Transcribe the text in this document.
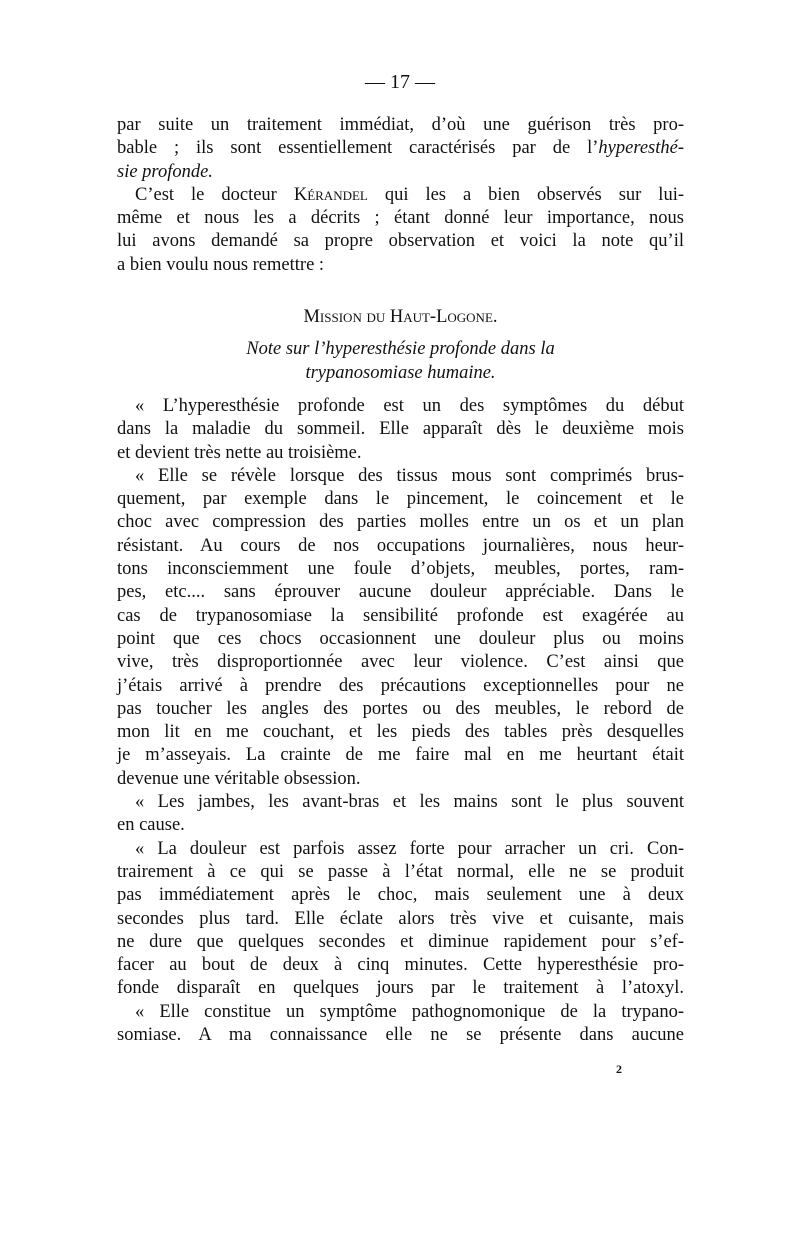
— 17 —
par suite un traitement immédiat, d’où une guérison très pro-
bable ; ils sont essentiellement caractérisés par de l’hyperesthé-
sie profonde.
C’est le docteur Kérandel qui les a bien observés sur lui-
même et nous les a décrits ; étant donné leur importance, nous
lui avons demandé sa propre observation et voici la note qu’il
a bien voulu nous remettre :
Mission du Haut-Logone.
Note sur l’hyperesthésie profonde dans la
trypanosomiase humaine.
« L’hyperesthésie profonde est un des symptômes du début
dans la maladie du sommeil. Elle apparaît dès le deuxième mois
et devient très nette au troisième.
« Elle se révèle lorsque des tissus mous sont comprimés brus-
quement, par exemple dans le pincement, le coincement et le
choc avec compression des parties molles entre un os et un plan
résistant. Au cours de nos occupations journalières, nous heur-
tons inconsciemment une foule d’objets, meubles, portes, ram-
pes, etc.... sans éprouver aucune douleur appréciable. Dans le
cas de trypanosomiase la sensibilité profonde est exagérée au
point que ces chocs occasionnent une douleur plus ou moins
vive, très disproportionnée avec leur violence. C’est ainsi que
j’étais arrivé à prendre des précautions exceptionnelles pour ne
pas toucher les angles des portes ou des meubles, le rebord de
mon lit en me couchant, et les pieds des tables près desquelles
je m’asseyais. La crainte de me faire mal en me heurtant était
devenue une véritable obsession.
« Les jambes, les avant-bras et les mains sont le plus souvent
en cause.
« La douleur est parfois assez forte pour arracher un cri. Con-
trairement à ce qui se passe à l’état normal, elle ne se produit
pas immédiatement après le choc, mais seulement une à deux
secondes plus tard. Elle éclate alors très vive et cuisante, mais
ne dure que quelques secondes et diminue rapidement pour s’ef-
facer au bout de deux à cinq minutes. Cette hyperesthésie pro-
fonde disparaît en quelques jours par le traitement à l’atoxyl.
« Elle constitue un symptôme pathognomonique de la trypano-
somiase. A ma connaissance elle ne se présente dans aucune
2
